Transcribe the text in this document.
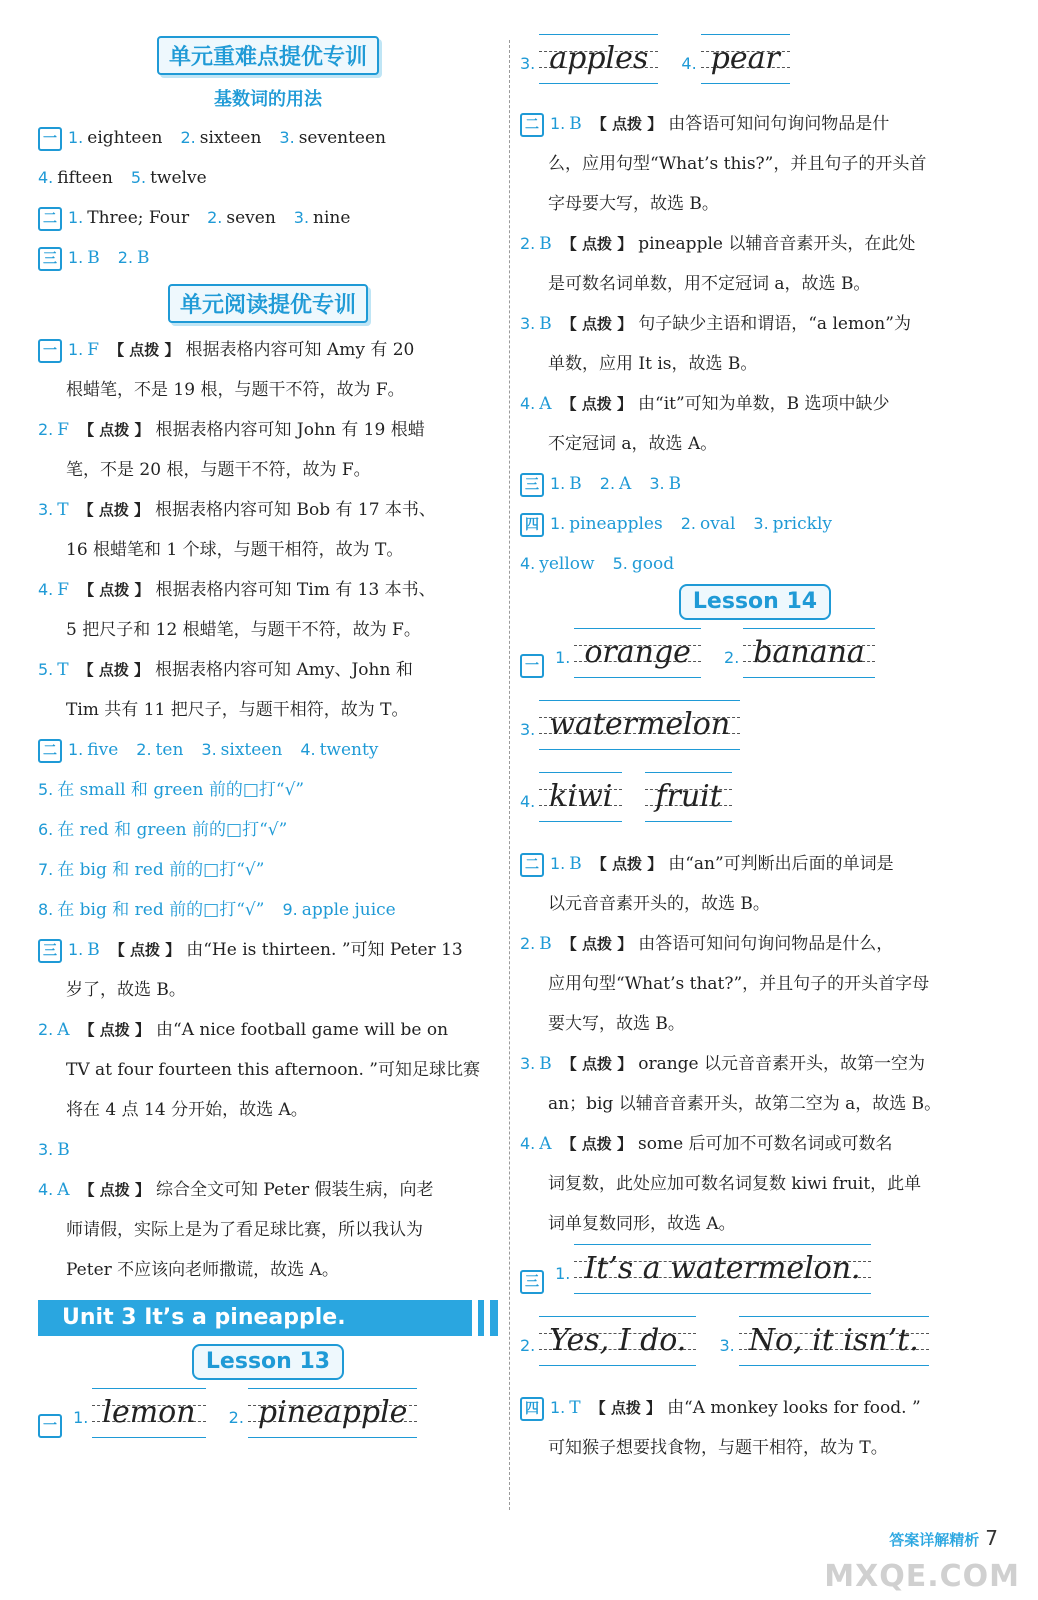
单元重难点提优专训
基数词的用法
一 1. eighteen 2. sixteen 3. seventeen
4. fifteen 5. twelve
二 1. Three; Four 2. seven 3. nine
三 1. B 2. B
单元阅读提优专训
一 1. F 【 点拨 】 根据表格内容可知 Amy 有 20
根蜡笔，不是 19 根，与题干不符，故为 F。
2. F 【 点拨 】 根据表格内容可知 John 有 19 根蜡
笔，不是 20 根，与题干不符，故为 F。
3. T 【 点拨 】 根据表格内容可知 Bob 有 17 本书、
16 根蜡笔和 1 个球，与题干相符，故为 T。
4. F 【 点拨 】 根据表格内容可知 Tim 有 13 本书、
5 把尺子和 12 根蜡笔，与题干不符，故为 F。
5. T 【 点拨 】 根据表格内容可知 Amy、John 和
Tim 共有 11 把尺子，与题干相符，故为 T。
二 1. five 2. ten 3. sixteen 4. twenty
5. 在 small 和 green 前的□打“√”
6. 在 red 和 green 前的□打“√”
7. 在 big 和 red 前的□打“√”
8. 在 big 和 red 前的□打“√” 9. apple juice
三 1. B 【 点拨 】 由“He is thirteen. ”可知 Peter 13
岁了，故选 B。
2. A 【 点拨 】 由“A nice football game will be on
TV at four fourteen this afternoon. ”可知足球比赛
将在 4 点 14 分开始，故选 A。
3. B
4. A 【 点拨 】 综合全文可知 Peter 假装生病，向老
师请假，实际上是为了看足球比赛，所以我认为
Peter 不应该向老师撒谎，故选 A。
Unit 3 It’s a pineapple.
Lesson 13
一 1. lemon 2. pineapple
3. apples 4. pear
二 1. B 【 点拨 】 由答语可知问句询问物品是什
么，应用句型“What’s this?”，并且句子的开头首
字母要大写，故选 B。
2. B 【 点拨 】 pineapple 以辅音音素开头，在此处
是可数名词单数，用不定冠词 a，故选 B。
3. B 【 点拨 】 句子缺少主语和谓语，“a lemon”为
单数，应用 It is，故选 B。
4. A 【 点拨 】 由“it”可知为单数，B 选项中缺少
不定冠词 a，故选 A。
三 1. B 2. A 3. B
四 1. pineapples 2. oval 3. prickly
4. yellow 5. good
Lesson 14
一 1. orange 2. banana
3. watermelon
4. kiwi fruit
二 1. B 【 点拨 】 由“an”可判断出后面的单词是
以元音音素开头的，故选 B。
2. B 【 点拨 】 由答语可知问句询问物品是什么，
应用句型“What’s that?”，并且句子的开头首字母
要大写，故选 B。
3. B 【 点拨 】 orange 以元音音素开头，故第一空为
an；big 以辅音音素开头，故第二空为 a，故选 B。
4. A 【 点拨 】 some 后可加不可数名词或可数名
词复数，此处应加可数名词复数 kiwi fruit，此单
词单复数同形，故选 A。
三 1. It’s a watermelon.
2. Yes, I do. 3. No, it isn’t.
四 1. T 【 点拨 】 由“A monkey looks for food. ”
可知猴子想要找食物，与题干相符，故为 T。
答案详解精析 7
MXQE.COM
